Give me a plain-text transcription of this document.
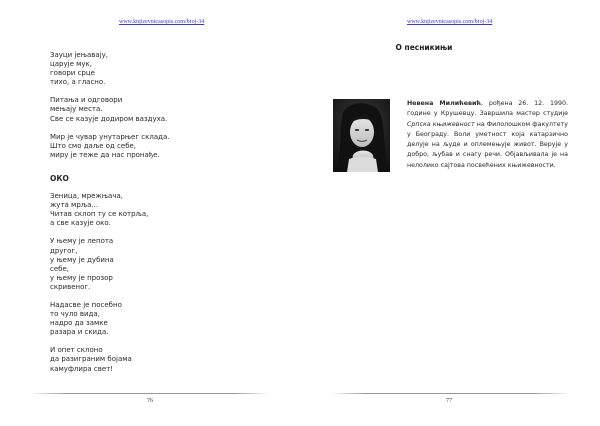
www.knjizevnicasopis.com/broj-34
Зауци јењавају,
царује мук,
говори срце
тихо, а гласно.
Питања и одговори
мењају места.
Све се казује додиром ваздуха.
Мир је чувар унутарњег склада.
Што смо даље од себе,
миру је теже да нас пронађе.
ОКО
Зеница, мрежњача,
жута мрља...
Читав склоп ту се котрља,
а све казује око.
У њему је лепота
другог,
у њему је дубина
себе,
у њему је прозор
скривеног.
Надасве је посебно
то чуло вида,
надро да замке
разара и скида.
И опет склоно
да разиграним бојама
камуфлира свет!
76
www.knjizevnicasopis.com/broj-34
О песникињи
Невена Милићевић, рођена 26. 12. 1990. године у Крушевцу. Завршила мастер студије Српска књижевност на Филолошком факултету у Београду. Воли уметност која катарзично делује на људе и оплемењује живот. Верује у добро, љубав и снагу речи. Објављивала је на нелолико сајтова посвећених књижевности.
77
